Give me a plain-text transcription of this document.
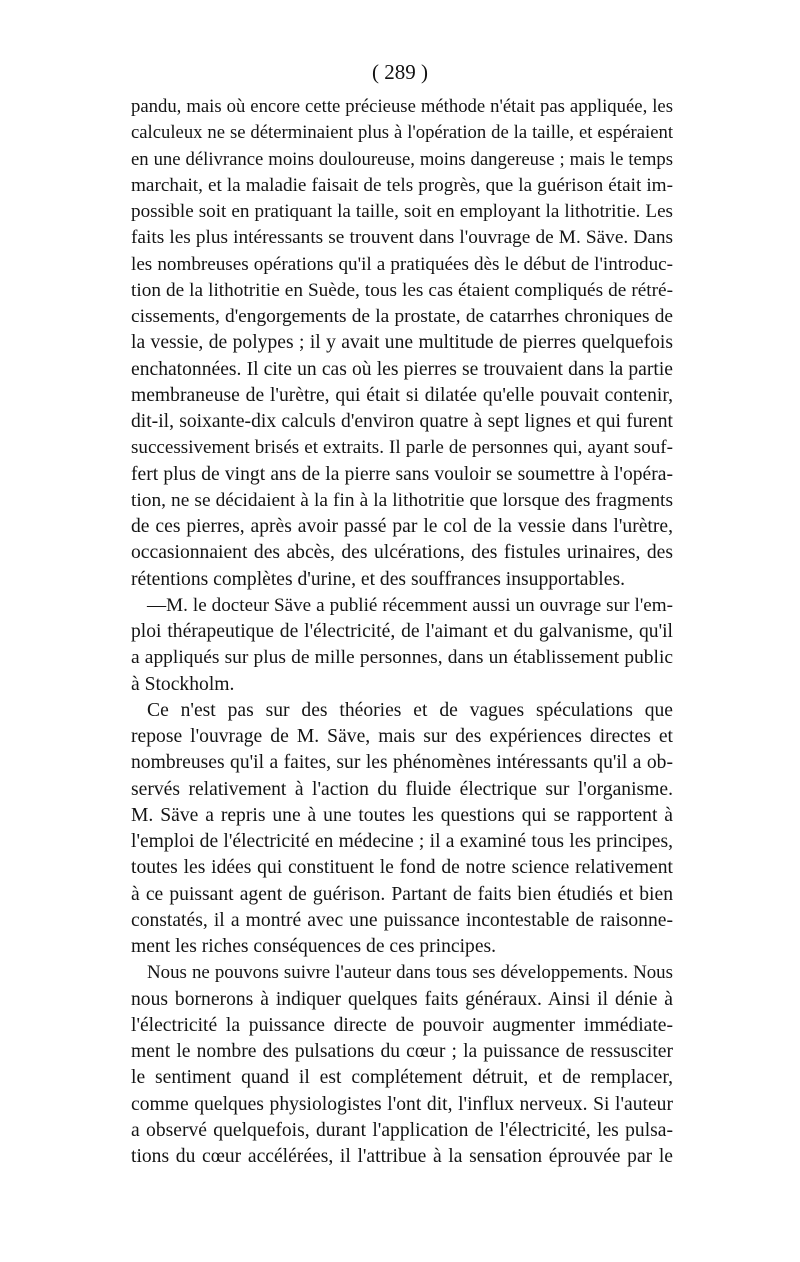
( 289 )
pandu, mais où encore cette précieuse méthode n'était pas appliquée, les
calculeux ne se déterminaient plus à l'opération de la taille, et espéraient
en une délivrance moins douloureuse, moins dangereuse ; mais le temps
marchait, et la maladie faisait de tels progrès, que la guérison était im-
possible soit en pratiquant la taille, soit en employant la lithotritie. Les
faits les plus intéressants se trouvent dans l'ouvrage de M. Säve. Dans
les nombreuses opérations qu'il a pratiquées dès le début de l'introduc-
tion de la lithotritie en Suède, tous les cas étaient compliqués de rétré-
cissements, d'engorgements de la prostate, de catarrhes chroniques de
la vessie, de polypes ; il y avait une multitude de pierres quelquefois
enchatonnées. Il cite un cas où les pierres se trouvaient dans la partie
membraneuse de l'urètre, qui était si dilatée qu'elle pouvait contenir,
dit-il, soixante-dix calculs d'environ quatre à sept lignes et qui furent
successivement brisés et extraits. Il parle de personnes qui, ayant souf-
fert plus de vingt ans de la pierre sans vouloir se soumettre à l'opéra-
tion, ne se décidaient à la fin à la lithotritie que lorsque des fragments
de ces pierres, après avoir passé par le col de la vessie dans l'urètre,
occasionnaient des abcès, des ulcérations, des fistules urinaires, des
rétentions complètes d'urine, et des souffrances insupportables.
—M. le docteur Säve a publié récemment aussi un ouvrage sur l'em-
ploi thérapeutique de l'électricité, de l'aimant et du galvanisme, qu'il
a appliqués sur plus de mille personnes, dans un établissement public
à Stockholm.
Ce n'est pas sur des théories et de vagues spéculations que
repose l'ouvrage de M. Säve, mais sur des expériences directes et
nombreuses qu'il a faites, sur les phénomènes intéressants qu'il a ob-
servés relativement à l'action du fluide électrique sur l'organisme.
M. Säve a repris une à une toutes les questions qui se rapportent à
l'emploi de l'électricité en médecine ; il a examiné tous les principes,
toutes les idées qui constituent le fond de notre science relativement
à ce puissant agent de guérison. Partant de faits bien étudiés et bien
constatés, il a montré avec une puissance incontestable de raisonne-
ment les riches conséquences de ces principes.
Nous ne pouvons suivre l'auteur dans tous ses développements. Nous
nous bornerons à indiquer quelques faits généraux. Ainsi il dénie à
l'électricité la puissance directe de pouvoir augmenter immédiate-
ment le nombre des pulsations du cœur ; la puissance de ressusciter
le sentiment quand il est complétement détruit, et de remplacer,
comme quelques physiologistes l'ont dit, l'influx nerveux. Si l'auteur
a observé quelquefois, durant l'application de l'électricité, les pulsa-
tions du cœur accélérées, il l'attribue à la sensation éprouvée par le
